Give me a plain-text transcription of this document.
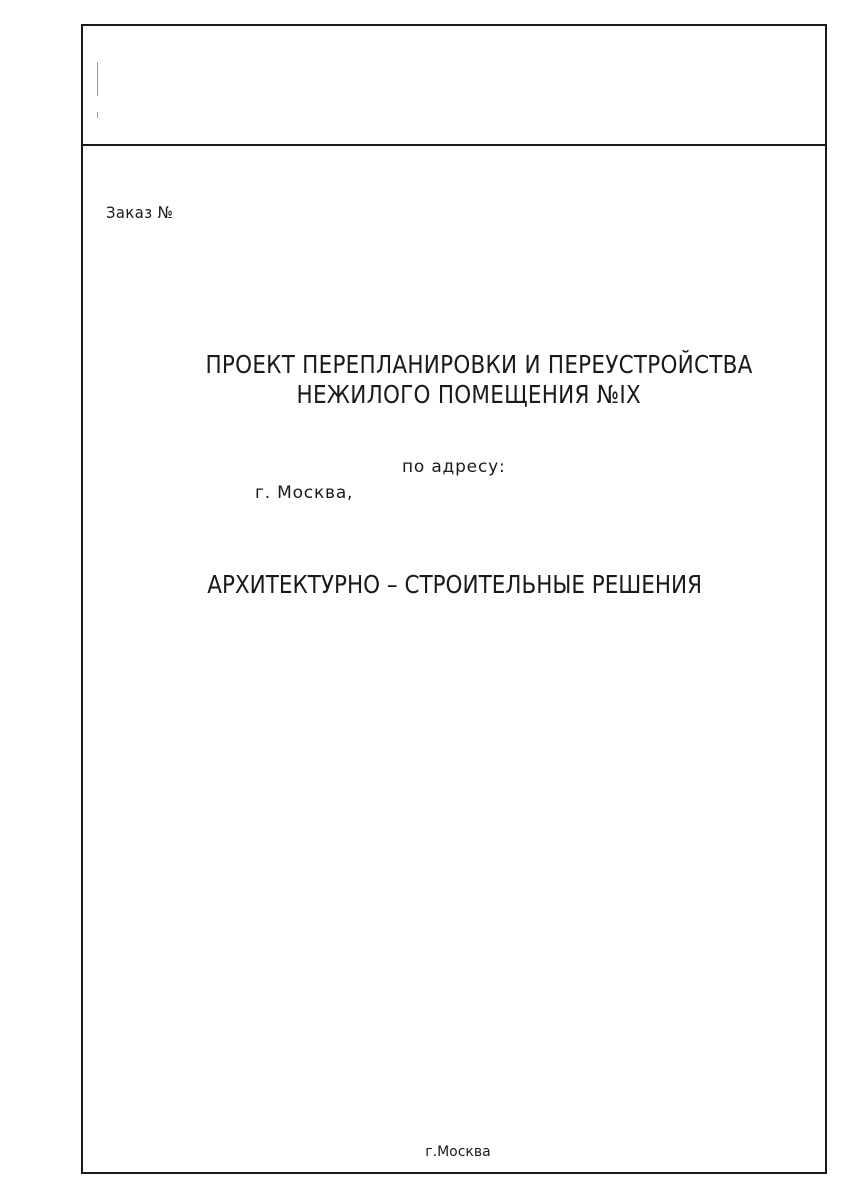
Заказ №
ПРОЕКТ ПЕРЕПЛАНИРОВКИ И ПЕРЕУСТРОЙСТВА
НЕЖИЛОГО ПОМЕЩЕНИЯ №IX
по адресу:
г. Москва,
АРХИТЕКТУРНО – СТРОИТЕЛЬНЫЕ РЕШЕНИЯ
г.Москва
